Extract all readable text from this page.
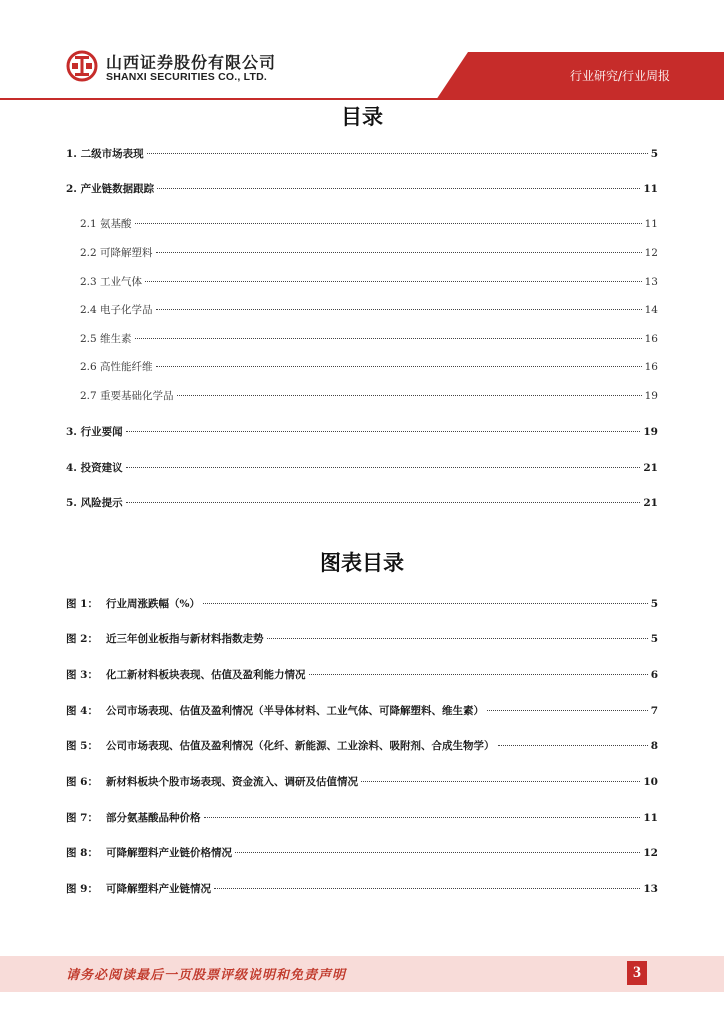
山西证券股份有限公司
SHANXI SECURITIES CO., LTD.	行业研究/行业周报
目录
1. 二级市场表现	5
2. 产业链数据跟踪	11
2.1 氨基酸	11
2.2 可降解塑料	12
2.3 工业气体	13
2.4 电子化学品	14
2.5 维生素	16
2.6 高性能纤维	16
2.7 重要基础化学品	19
3. 行业要闻	19
4. 投资建议	21
5. 风险提示	21
图表目录
图 1： 行业周涨跌幅（%）	5
图 2： 近三年创业板指与新材料指数走势	5
图 3： 化工新材料板块表现、估值及盈利能力情况	6
图 4： 公司市场表现、估值及盈利情况（半导体材料、工业气体、可降解塑料、维生素）	7
图 5： 公司市场表现、估值及盈利情况（化纤、新能源、工业涂料、吸附剂、合成生物学）	8
图 6： 新材料板块个股市场表现、资金流入、调研及估值情况	10
图 7： 部分氨基酸品种价格	11
图 8： 可降解塑料产业链价格情况	12
图 9： 可降解塑料产业链情况	13
请务必阅读最后一页股票评级说明和免责声明	3
